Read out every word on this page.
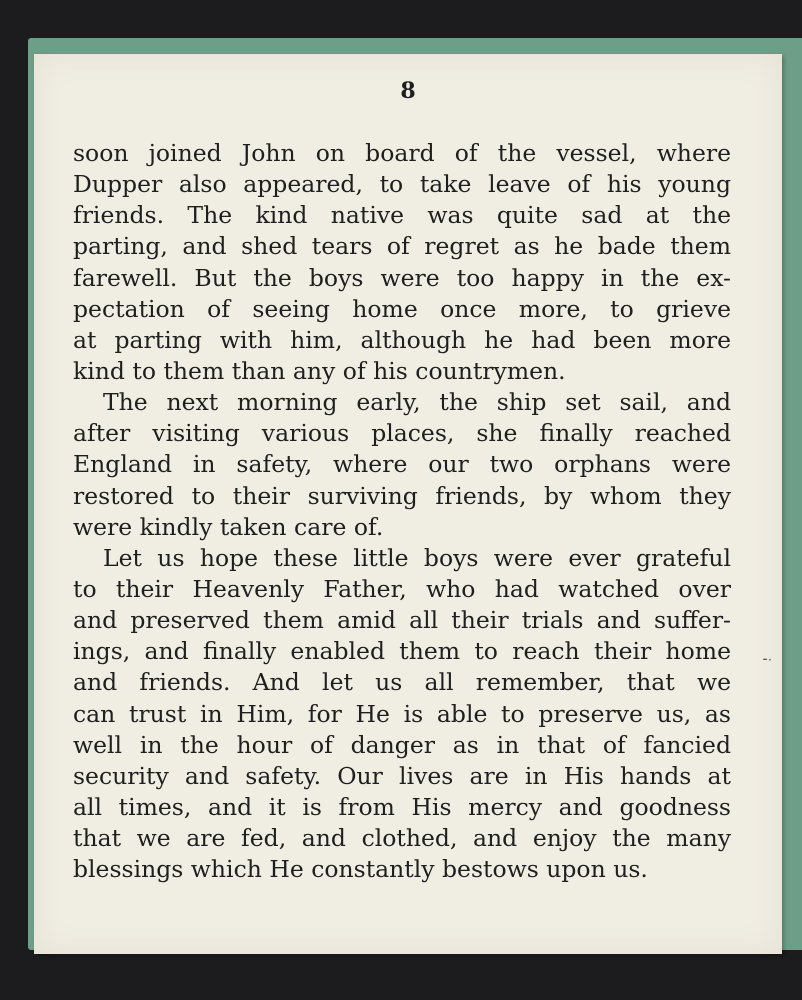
8
soon joined John on board of the vessel, where
Dupper also appeared, to take leave of his young
friends. The kind native was quite sad at the
parting, and shed tears of regret as he bade them
farewell. But the boys were too happy in the ex-
pectation of seeing home once more, to grieve
at parting with him, although he had been more
kind to them than any of his countrymen.
The next morning early, the ship set sail, and
after visiting various places, she finally reached
England in safety, where our two orphans were
restored to their surviving friends, by whom they
were kindly taken care of.
Let us hope these little boys were ever grateful
to their Heavenly Father, who had watched over
and preserved them amid all their trials and suffer-
ings, and finally enabled them to reach their home
and friends. And let us all remember, that we
can trust in Him, for He is able to preserve us, as
well in the hour of danger as in that of fancied
security and safety. Our lives are in His hands at
all times, and it is from His mercy and goodness
that we are fed, and clothed, and enjoy the many
blessings which He constantly bestows upon us.
⁃·
